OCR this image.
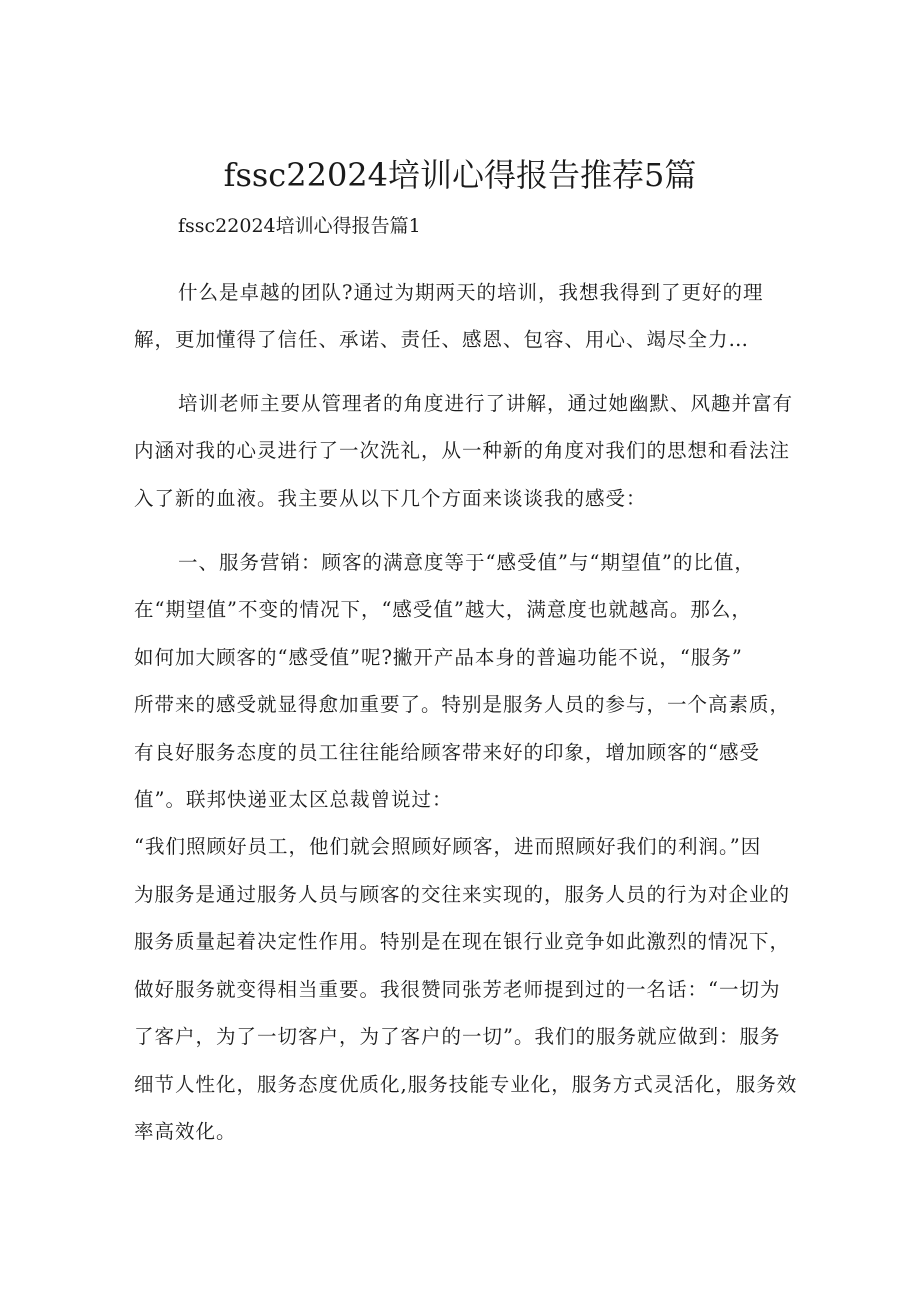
fssc22024培训心得报告推荐5篇

fssc22024培训心得报告篇1

什么是卓越的团队?通过为期两天的培训，我想我得到了更好的理

解，更加懂得了信任、承诺、责任、感恩、包容、用心、竭尽全力…

培训老师主要从管理者的角度进行了讲解，通过她幽默、风趣并富有

内涵对我的心灵进行了一次洗礼，从一种新的角度对我们的思想和看法注

入了新的血液。我主要从以下几个方面来谈谈我的感受：

一、服务营销：顾客的满意度等于“感受值”与“期望值”的比值，

在“期望值”不变的情况下，“感受值”越大，满意度也就越高。那么，

如何加大顾客的“感受值”呢?撇开产品本身的普遍功能不说，“服务”

所带来的感受就显得愈加重要了。特别是服务人员的参与，一个高素质，

有良好服务态度的员工往往能给顾客带来好的印象，增加顾客的“感受

值”。联邦快递亚太区总裁曾说过：

“我们照顾好员工，他们就会照顾好顾客，进而照顾好我们的利润。”因

为服务是通过服务人员与顾客的交往来实现的，服务人员的行为对企业的

服务质量起着决定性作用。特别是在现在银行业竞争如此激烈的情况下，

做好服务就变得相当重要。我很赞同张芳老师提到过的一名话：“一切为

了客户，为了一切客户，为了客户的一切”。我们的服务就应做到：服务

细节人性化，服务态度优质化,服务技能专业化，服务方式灵活化，服务效

率高效化。
